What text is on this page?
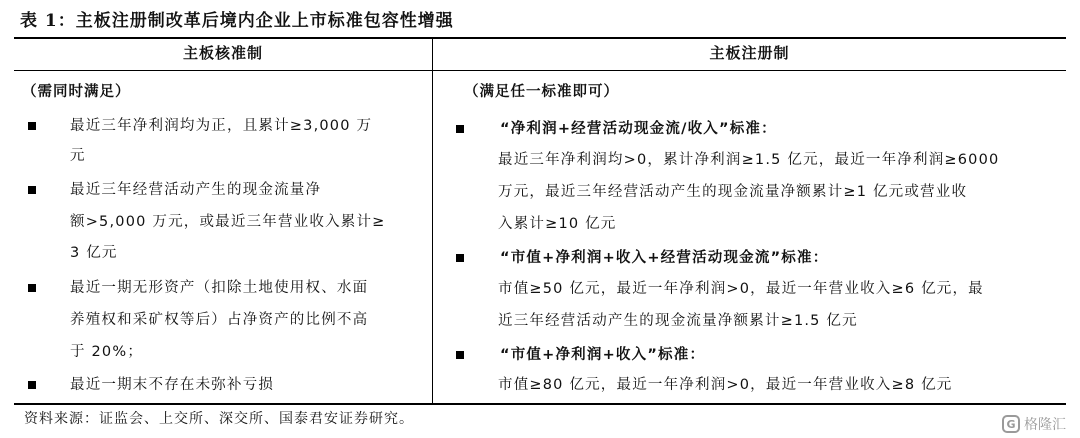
表 1：主板注册制改革后境内企业上市标准包容性增强
主板核准制	主板注册制
（需同时满足）
最近三年净利润均为正，且累计≥3,000 万
元
最近三年经营活动产生的现金流量净
额>5,000 万元，或最近三年营业收入累计≥
3 亿元
最近一期无形资产（扣除土地使用权、水面
养殖权和采矿权等后）占净资产的比例不高
于 20%；
最近一期末不存在未弥补亏损
（满足任一标准即可）
“净利润+经营活动现金流/收入”标准：
最近三年净利润均>0，累计净利润≥1.5 亿元，最近一年净利润≥6000
万元，最近三年经营活动产生的现金流量净额累计≥1 亿元或营业收
入累计≥10 亿元
“市值+净利润+收入+经营活动现金流”标准：
市值≥50 亿元，最近一年净利润>0，最近一年营业收入≥6 亿元，最
近三年经营活动产生的现金流量净额累计≥1.5 亿元
“市值+净利润+收入”标准：
市值≥80 亿元，最近一年净利润>0，最近一年营业收入≥8 亿元
资料来源：证监会、上交所、深交所、国泰君安证券研究。	G 格隆汇
